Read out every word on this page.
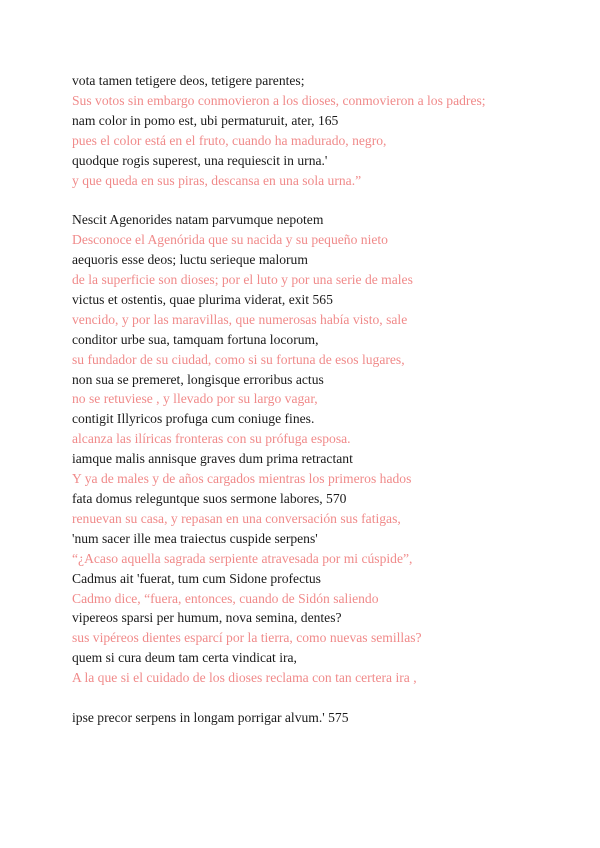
vota tamen tetigere deos, tetigere parentes;

Sus votos sin embargo conmovieron a los dioses, conmovieron a los padres;

nam color in pomo est, ubi permaturuit, ater, 165

pues el color está en el fruto, cuando ha madurado, negro,

quodque rogis superest, una requiescit in urna.'

y que queda en sus piras, descansa en una sola urna.”

Nescit Agenorides natam parvumque nepotem

Desconoce el Agenórida que su nacida y su pequeño nieto

aequoris esse deos; luctu serieque malorum

de la superficie son dioses; por el luto y por una serie de males

victus et ostentis, quae plurima viderat, exit 565

vencido, y por las maravillas, que numerosas había visto, sale

conditor urbe sua, tamquam fortuna locorum,

su fundador de su ciudad, como si su fortuna de esos lugares,

non sua se premeret, longisque erroribus actus

no se retuviese , y llevado por su largo vagar,

contigit Illyricos profuga cum coniuge fines.

alcanza las ilíricas fronteras con su prófuga esposa.

iamque malis annisque graves dum prima retractant

Y ya de males y de años cargados mientras los primeros hados

fata domus releguntque suos sermone labores, 570

renuevan su casa, y repasan en una conversación sus fatigas,

'num sacer ille mea traiectus cuspide serpens'

“¿Acaso aquella sagrada serpiente atravesada por mi cúspide”,

Cadmus ait 'fuerat, tum cum Sidone profectus

Cadmo dice, “fuera, entonces, cuando de Sidón saliendo

vipereos sparsi per humum, nova semina, dentes?

sus vipéreos dientes esparcí por la tierra, como nuevas semillas?

quem si cura deum tam certa vindicat ira,

A la que si el cuidado de los dioses reclama con tan certera ira ,

ipse precor serpens in longam porrigar alvum.' 575
